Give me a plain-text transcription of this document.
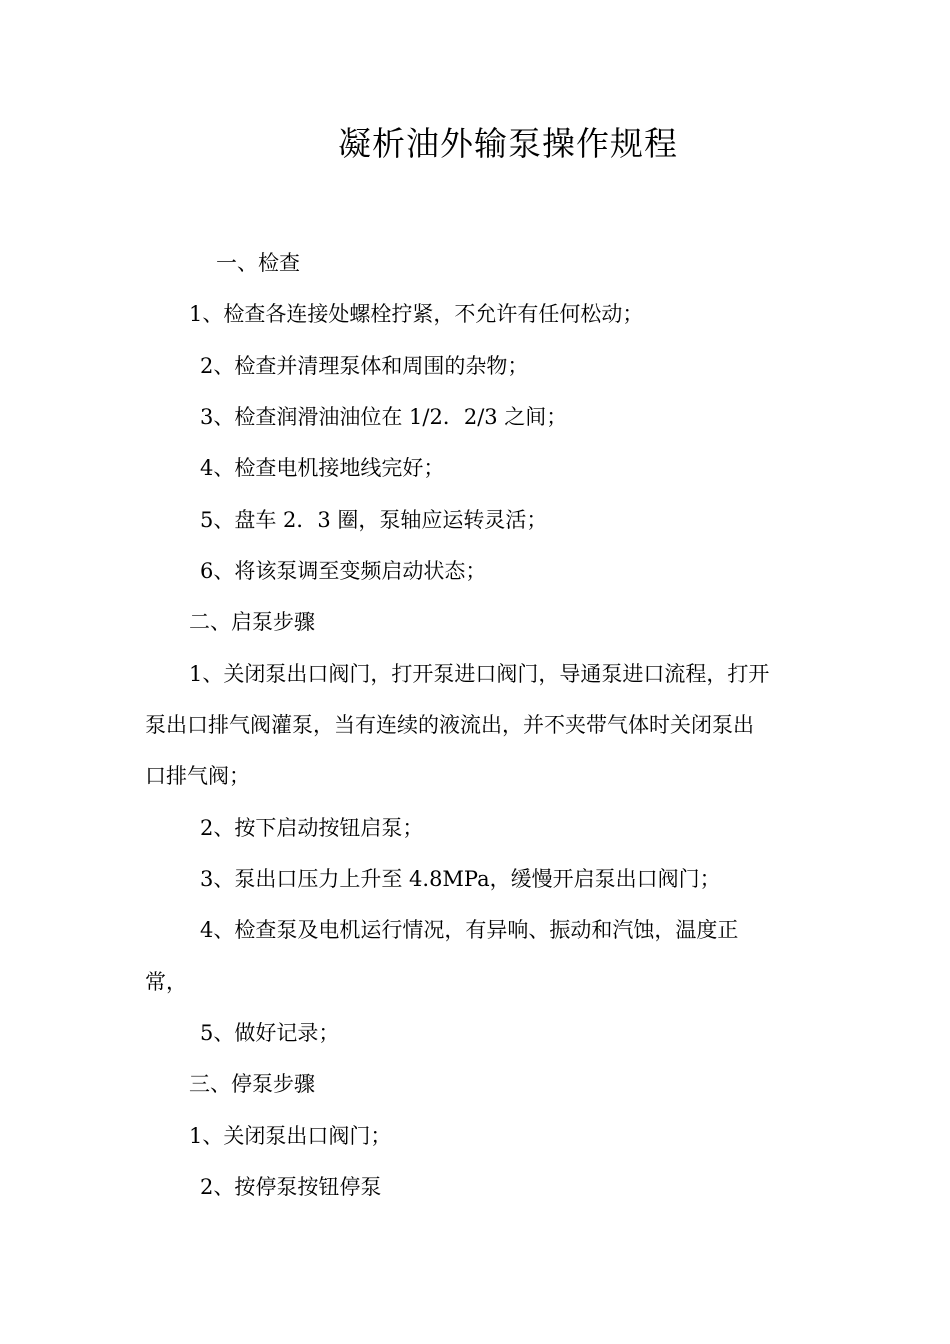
凝析油外输泵操作规程
一、检查
1、检查各连接处螺栓拧紧，不允许有任何松动；
2、检查并清理泵体和周围的杂物；
3、检查润滑油油位在 1/2．2/3 之间；
4、检查电机接地线完好；
5、盘车 2．3 圈，泵轴应运转灵活；
6、将该泵调至变频启动状态；
二、启泵步骤
1、关闭泵出口阀门，打开泵进口阀门，导通泵进口流程，打开
泵出口排气阀灌泵，当有连续的液流出，并不夹带气体时关闭泵出
口排气阀；
2、按下启动按钮启泵；
3、泵出口压力上升至 4.8MPa，缓慢开启泵出口阀门；
4、检查泵及电机运行情况，有异响、振动和汽蚀，温度正
常，
5、做好记录；
三、停泵步骤
1、关闭泵出口阀门；
2、按停泵按钮停泵
